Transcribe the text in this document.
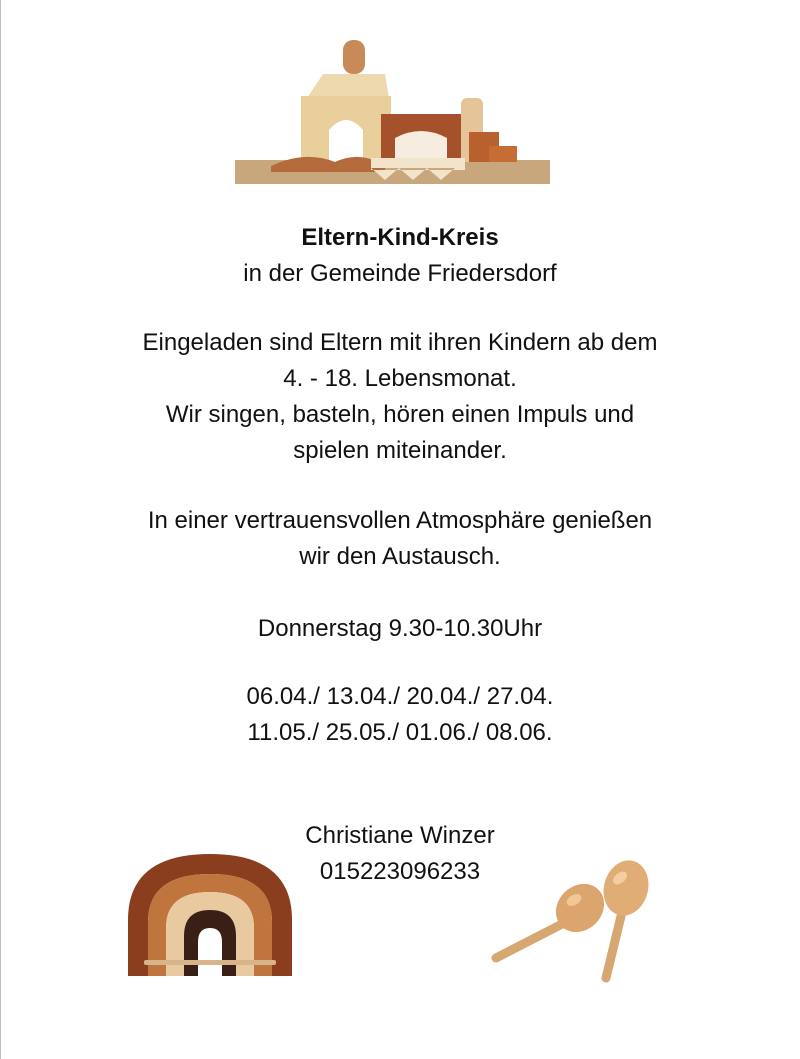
Eltern-Kind-Kreis
in der Gemeinde Friedersdorf

Eingeladen sind Eltern mit ihren Kindern ab dem

4. - 18. Lebensmonat.

Wir singen, basteln, hören einen Impuls und

spielen miteinander.

In einer vertrauensvollen Atmosphäre genießen

wir den Austausch.

Donnerstag 9.30-10.30Uhr

06.04./ 13.04./ 20.04./ 27.04.

11.05./ 25.05./ 01.06./ 08.06.

Christiane Winzer

015223096233
